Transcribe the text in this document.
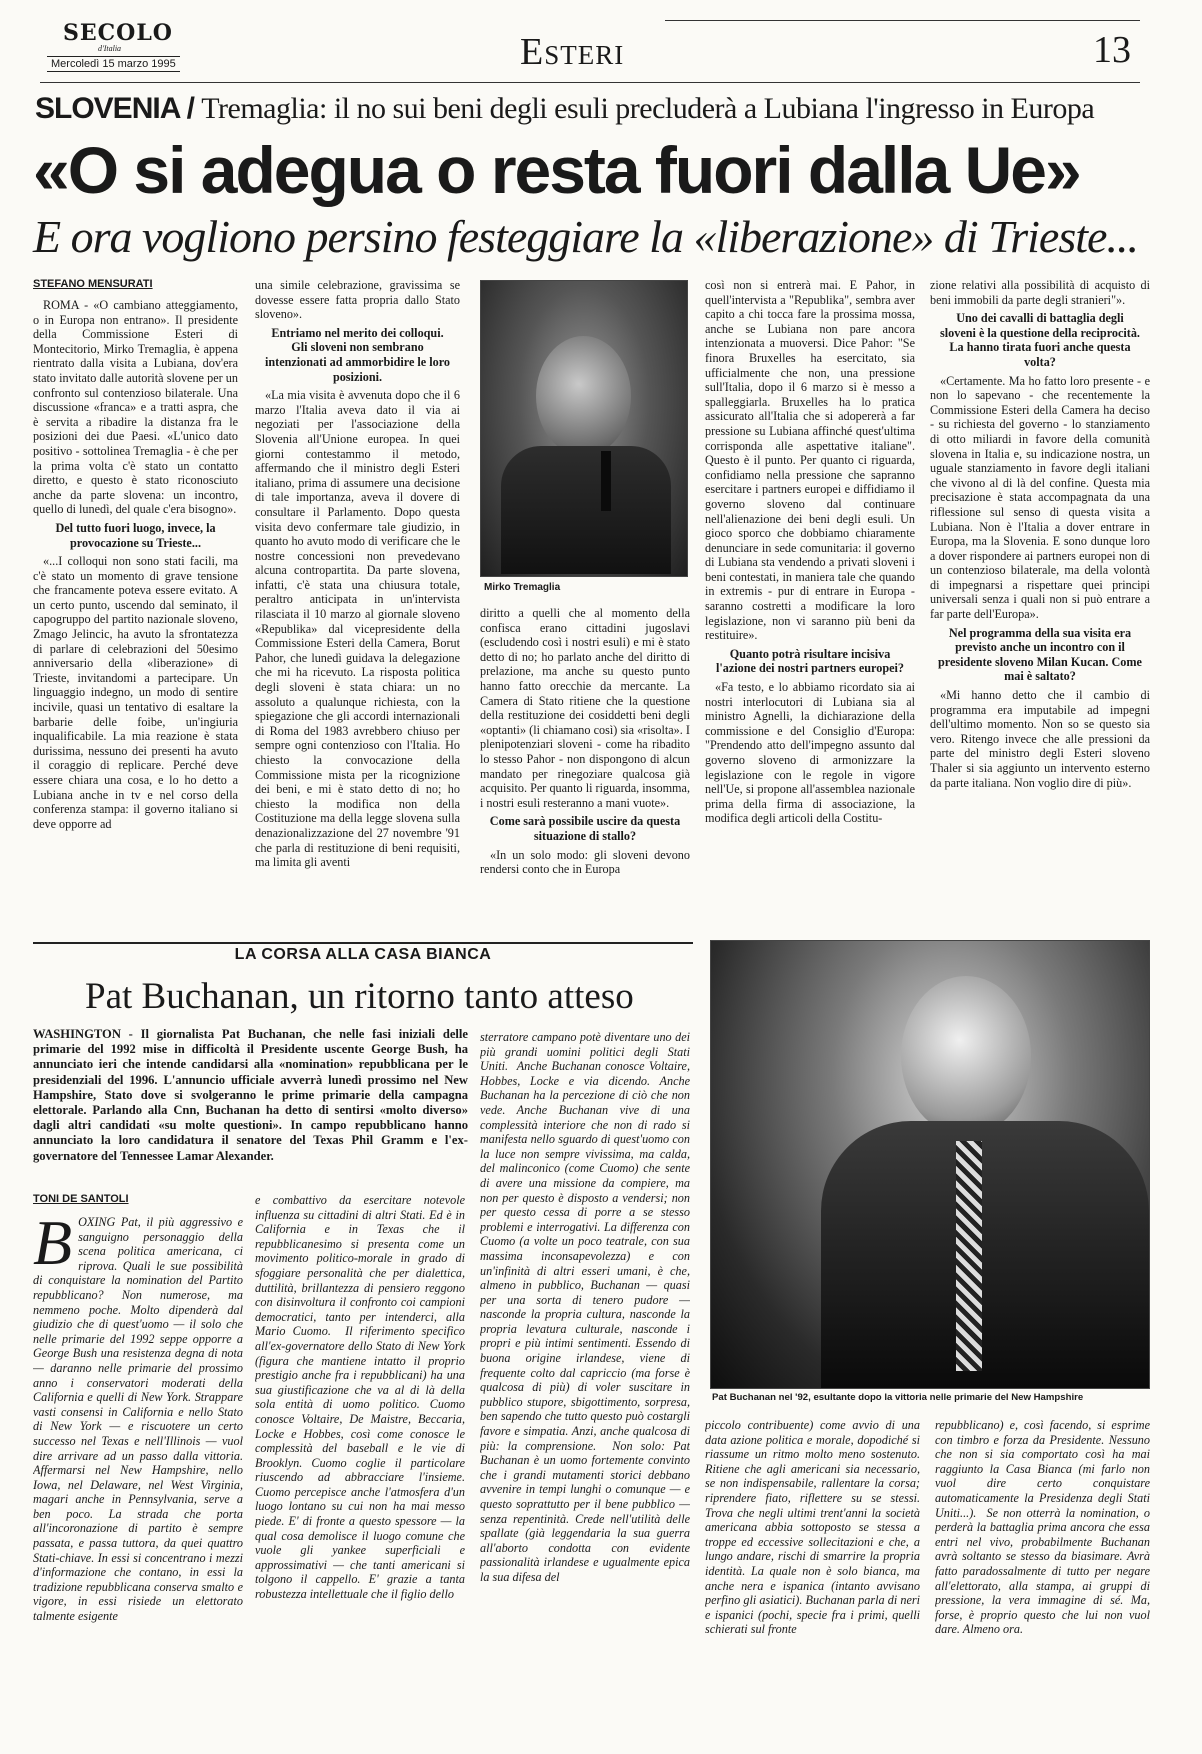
SECOLO
d'Italia
Mercoledì 15 marzo 1995	Esteri	13
SLOVENIA / Tremaglia: il no sui beni degli esuli precluderà a Lubiana l'ingresso in Europa
«O si adegua o resta fuori dalla Ue»
E ora vogliono persino festeggiare la «liberazione» di Trieste...
STEFANO MENSURATI

ROMA - «O cambiano atteggiamento, o in Europa non entrano». Il presidente della Commissione Esteri di Montecitorio, Mirko Tremaglia, è appena rientrato dalla visita a Lubiana, dov'era stato invitato dalle autorità slovene per un confronto sul contenzioso bilaterale. Una discussione «franca» e a tratti aspra, che è servita a ribadire la distanza fra le posizioni dei due Paesi. «L'unico dato positivo - sottolinea Tremaglia - è che per la prima volta c'è stato un contatto diretto, e questo è stato riconosciuto anche da parte slovena: un incontro, quello di lunedì, del quale c'era bisogno».

Del tutto fuori luogo, invece, la provocazione su Trieste...

«...I colloqui non sono stati facili, ma c'è stato un momento di grave tensione che francamente poteva essere evitato. A un certo punto, uscendo dal seminato, il capogruppo del partito nazionale sloveno, Zmago Jelincic, ha avuto la sfrontatezza di parlare di celebrazioni del 50esimo anniversario della «liberazione» di Trieste, invitandomi a partecipare. Un linguaggio indegno, un modo di sentire incivile, quasi un tentativo di esaltare la barbarie delle foibe, un'ingiuria inqualificabile. La mia reazione è stata durissima, nessuno dei presenti ha avuto il coraggio di replicare. Perché deve essere chiara una cosa, e lo ho detto a Lubiana anche in tv e nel corso della conferenza stampa: il governo italiano si deve opporre ad

una simile celebrazione, gravissima se dovesse essere fatta propria dallo Stato sloveno».

Entriamo nel merito dei colloqui. Gli sloveni non sembrano intenzionati ad ammorbidire le loro posizioni.

«La mia visita è avvenuta dopo che il 6 marzo l'Italia aveva dato il via ai negoziati per l'associazione della Slovenia all'Unione europea. In quei giorni contestammo il metodo, affermando che il ministro degli Esteri italiano, prima di assumere una decisione di tale importanza, aveva il dovere di consultare il Parlamento. Dopo questa visita devo confermare tale giudizio, in quanto ho avuto modo di verificare che le nostre concessioni non prevedevano alcuna contropartita. Da parte slovena, infatti, c'è stata una chiusura totale, peraltro anticipata in un'intervista rilasciata il 10 marzo al giornale sloveno «Republika» dal vicepresidente della Commissione Esteri della Camera, Borut Pahor, che lunedì guidava la delegazione che mi ha ricevuto. La risposta politica degli sloveni è stata chiara: un no assoluto a qualunque richiesta, con la spiegazione che gli accordi internazionali di Roma del 1983 avrebbero chiuso per sempre ogni contenzioso con l'Italia. Ho chiesto la convocazione della Commissione mista per la ricognizione dei beni, e mi è stato detto di no; ho chiesto la modifica non della Costituzione ma della legge slovena sulla denazionalizzazione del 27 novembre '91 che parla di restituzione di beni requisiti, ma limita gli aventi

Mirko Tremaglia

diritto a quelli che al momento della confisca erano cittadini jugoslavi (escludendo così i nostri esuli) e mi è stato detto di no; ho parlato anche del diritto di prelazione, ma anche su questo punto hanno fatto orecchie da mercante. La Camera di Stato ritiene che la questione della restituzione dei cosiddetti beni degli «optanti» (li chiamano così) sia «risolta». I plenipotenziari sloveni - come ha ribadito lo stesso Pahor - non dispongono di alcun mandato per rinegoziare qualcosa già acquisito. Per quanto li riguarda, insomma, i nostri esuli resteranno a mani vuote».

Come sarà possibile uscire da questa situazione di stallo?

«In un solo modo: gli sloveni devono rendersi conto che in Europa

così non si entrerà mai. E Pahor, in quell'intervista a "Republika", sembra aver capito a chi tocca fare la prossima mossa, anche se Lubiana non pare ancora intenzionata a muoversi. Dice Pahor: "Se finora Bruxelles ha esercitato, sia ufficialmente che non, una pressione sull'Italia, dopo il 6 marzo si è messo a spalleggiarla. Bruxelles ha lo pratica assicurato all'Italia che si adopererà a far pressione su Lubiana affinché quest'ultima corrisponda alle aspettative italiane". Questo è il punto. Per quanto ci riguarda, confidiamo nella pressione che sapranno esercitare i partners europei e diffidiamo il governo sloveno dal continuare nell'alienazione dei beni degli esuli. Un gioco sporco che dobbiamo chiaramente denunciare in sede comunitaria: il governo di Lubiana sta vendendo a privati sloveni i beni contestati, in maniera tale che quando in extremis - pur di entrare in Europa - saranno costretti a modificare la loro legislazione, non vi saranno più beni da restituire».

Quanto potrà risultare incisiva l'azione dei nostri partners europei?

«Fa testo, e lo abbiamo ricordato sia ai nostri interlocutori di Lubiana sia al ministro Agnelli, la dichiarazione della commissione e del Consiglio d'Europa: "Prendendo atto dell'impegno assunto dal governo sloveno di armonizzare la legislazione con le regole in vigore nell'Ue, si propone all'assemblea nazionale prima della firma di associazione, la modifica degli articoli della Costitu-

zione relativi alla possibilità di acquisto di beni immobili da parte degli stranieri"».

Uno dei cavalli di battaglia degli sloveni è la questione della reciprocità. La hanno tirata fuori anche questa volta?

«Certamente. Ma ho fatto loro presente - e non lo sapevano - che recentemente la Commissione Esteri della Camera ha deciso - su richiesta del governo - lo stanziamento di otto miliardi in favore della comunità slovena in Italia e, su indicazione nostra, un uguale stanziamento in favore degli italiani che vivono al di là del confine. Questa mia precisazione è stata accompagnata da una riflessione sul senso di questa visita a Lubiana. Non è l'Italia a dover entrare in Europa, ma la Slovenia. E sono dunque loro a dover rispondere ai partners europei non di un contenzioso bilaterale, ma della volontà di impegnarsi a rispettare quei principi universali senza i quali non si può entrare a far parte dell'Europa».

Nel programma della sua visita era previsto anche un incontro con il presidente sloveno Milan Kucan. Come mai è saltato?

«Mi hanno detto che il cambio di programma era imputabile ad impegni dell'ultimo momento. Non so se questo sia vero. Ritengo invece che alle pressioni da parte del ministro degli Esteri sloveno Thaler si sia aggiunto un intervento esterno da parte italiana. Non voglio dire di più».

LA CORSA ALLA CASA BIANCA
Pat Buchanan, un ritorno tanto atteso
WASHINGTON - Il giornalista Pat Buchanan, che nelle fasi iniziali delle primarie del 1992 mise in difficoltà il Presidente uscente George Bush, ha annunciato ieri che intende candidarsi alla «nomination» repubblicana per le presidenziali del 1996. L'annuncio ufficiale avverrà lunedì prossimo nel New Hampshire, Stato dove si svolgeranno le prime primarie della campagna elettorale. Parlando alla Cnn, Buchanan ha detto di sentirsi «molto diverso» dagli altri candidati «su molte questioni». In campo repubblicano hanno annunciato la loro candidatura il senatore del Texas Phil Gramm e l'ex-governatore del Tennessee Lamar Alexander.
TONI DE SANTOLI
B OXING Pat, il più aggressivo e sanguigno personaggio della scena politica americana, ci riprova. Quali le sue possibilità di conquistare la nomination del Partito repubblicano? Non numerose, ma nemmeno poche. Molto dipenderà dal giudizio che di quest'uomo — il solo che nelle primarie del 1992 seppe opporre a George Bush una resistenza degna di nota — daranno nelle primarie del prossimo anno i conservatori moderati della California e quelli di New York. Strappare vasti consensi in California e nello Stato di New York — e riscuotere un certo successo nel Texas e nell'Illinois — vuol dire arrivare ad un passo dalla vittoria. Affermarsi nel New Hampshire, nello Iowa, nel Delaware, nel West Virginia, magari anche in Pennsylvania, serve a ben poco. La strada che porta all'incoronazione di partito è sempre passata, e passa tuttora, da quei quattro Stati-chiave. In essi si concentrano i mezzi d'informazione che contano, in essi la tradizione repubblicana conserva smalto e vigore, in essi risiede un elettorato talmente esigente
e combattivo da esercitare notevole influenza su cittadini di altri Stati. Ed è in California e in Texas che il repubblicanesimo si presenta come un movimento politico-morale in grado di sfoggiare personalità che per dialettica, duttilità, brillantezza di pensiero reggono con disinvoltura il confronto coi campioni democratici, tanto per intenderci, alla Mario Cuomo.  Il riferimento specifico all'ex-governatore dello Stato di New York (figura che mantiene intatto il proprio prestigio anche fra i repubblicani) ha una sua giustificazione che va al di là della sola entità di uomo politico. Cuomo conosce Voltaire, De Maistre, Beccaria, Locke e Hobbes, così come conosce le complessità del baseball e le vie di Brooklyn. Cuomo coglie il particolare riuscendo ad abbracciare l'insieme. Cuomo percepisce anche l'atmosfera d'un luogo lontano su cui non ha mai messo piede. E' di fronte a questo spessore — la qual cosa demolisce il luogo comune che vuole gli yankee superficiali e approssimativi — che tanti americani si tolgono il cappello. E' grazie a tanta robustezza intellettuale che il figlio dello
sterratore campano potè diventare uno dei più grandi uomini politici degli Stati Uniti.  Anche Buchanan conosce Voltaire, Hobbes, Locke e via dicendo. Anche Buchanan ha la percezione di ciò che non vede. Anche Buchanan vive di una complessità interiore che non di rado si manifesta nello sguardo di quest'uomo con la luce non sempre vivissima, ma calda, del malinconico (come Cuomo) che sente di avere una missione da compiere, ma non per questo è disposto a vendersi; non per questo cessa di porre a se stesso problemi e interrogativi. La differenza con Cuomo (a volte un poco teatrale, con sua massima inconsapevolezza) e con un'infinità di altri esseri umani, è che, almeno in pubblico, Buchanan — quasi per una sorta di tenero pudore — nasconde la propria cultura, nasconde la propria levatura culturale, nasconde i propri e più intimi sentimenti. Essendo di buona origine irlandese, viene di frequente colto dal capriccio (ma forse è qualcosa di più) di voler suscitare in pubblico stupore, sbigottimento, sorpresa, ben sapendo che tutto questo può costargli favore e simpatia. Anzi, anche qualcosa di più: la comprensione.  Non solo: Pat Buchanan è un uomo fortemente convinto che i grandi mutamenti storici debbano avvenire in tempi lunghi o comunque — e questo soprattutto per il bene pubblico — senza repentinità. Crede nell'utilità delle spallate (già leggendaria la sua guerra all'aborto condotta con evidente passionalità irlandese e ugualmente epica la sua difesa del
Pat Buchanan nel '92, esultante dopo la vittoria nelle primarie del New Hampshire
piccolo contribuente) come avvio di una data azione politica e morale, dopodiché si riassume un ritmo molto meno sostenuto. Ritiene che agli americani sia necessario, se non indispensabile, rallentare la corsa; riprendere fiato, riflettere su se stessi. Trova che negli ultimi trent'anni la società americana abbia sottoposto se stessa a troppe ed eccessive sollecitazioni e che, a lungo andare, rischi di smarrire la propria identità. La quale non è solo bianca, ma anche nera e ispanica (intanto avvisano perfino gli asiatici). Buchanan parla di neri e ispanici (pochi, specie fra i primi, quelli schierati sul fronte
repubblicano) e, così facendo, si esprime con timbro e forza da Presidente. Nessuno che non si sia comportato così ha mai raggiunto la Casa Bianca (mi farlo non vuol dire certo conquistare automaticamente la Presidenza degli Stati Uniti...).  Se non otterrà la nomination, o perderà la battaglia prima ancora che essa entri nel vivo, probabilmente Buchanan avrà soltanto se stesso da biasimare. Avrà fatto paradossalmente di tutto per negare all'elettorato, alla stampa, ai gruppi di pressione, la vera immagine di sé. Ma, forse, è proprio questo che lui non vuol dare. Almeno ora.
